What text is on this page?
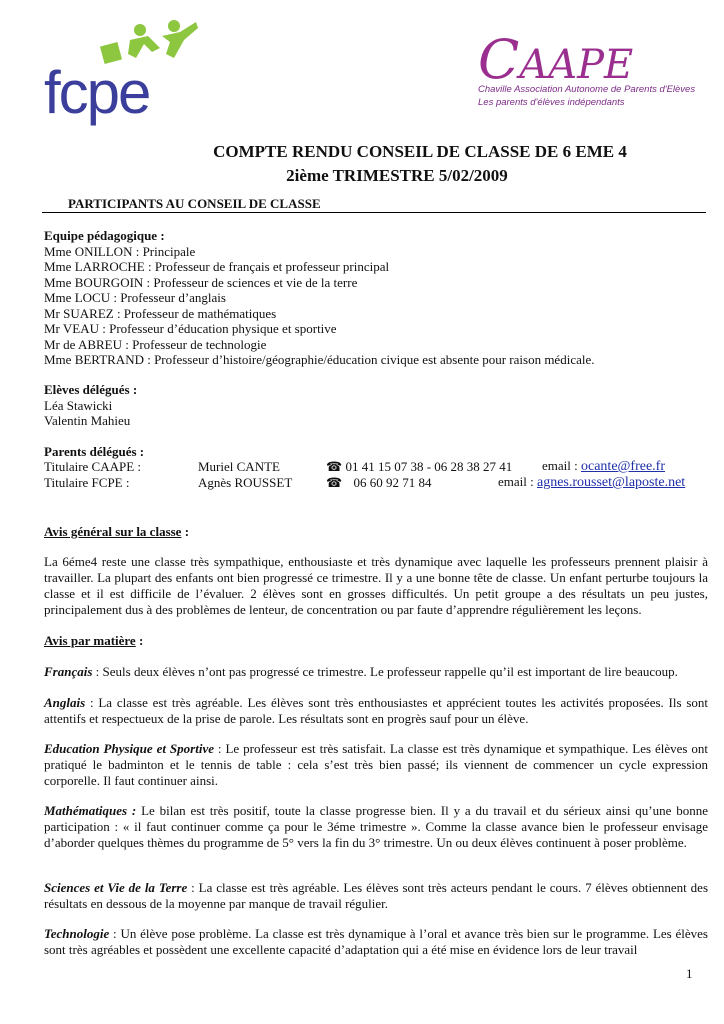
fcpe	CAAPE
Chaville Association Autonome de Parents d'Elèves
Les parents d'élèves indépendants
COMPTE RENDU CONSEIL DE CLASSE DE 6 EME 4
2ième TRIMESTRE 5/02/2009
PARTICIPANTS AU CONSEIL DE CLASSE
Equipe pédagogique :
Mme ONILLON : Principale
Mme LARROCHE : Professeur de français et professeur principal
Mme BOURGOIN : Professeur de sciences et vie de la terre
Mme LOCU : Professeur d’anglais
Mr SUAREZ : Professeur de mathématiques
Mr VEAU : Professeur d’éducation physique et sportive
Mr de ABREU : Professeur de technologie
Mme BERTRAND : Professeur d’histoire/géographie/éducation civique est absente pour raison médicale.
Elèves délégués :
Léa Stawicki
Valentin Mahieu
Parents délégués :
Titulaire CAAPE :	Muriel CANTE	☎ 01 41 15 07 38 - 06 28 38 27 41 email : ocante@free.fr
Titulaire FCPE :	Agnès ROUSSET	☎ 06 60 92 71 84	email : agnes.rousset@laposte.net
Avis général sur la classe :
La 6éme4 reste une classe très sympathique, enthousiaste et très dynamique avec laquelle les professeurs prennent plaisir à travailler. La plupart des enfants ont bien progressé ce trimestre. Il y a une bonne tête de classe. Un enfant perturbe toujours la classe et il est difficile de l’évaluer. 2 élèves sont en grosses difficultés. Un petit groupe a des résultats un peu justes, principalement dus à des problèmes de lenteur, de concentration ou par faute d’apprendre régulièrement les leçons.
Avis par matière :
Français : Seuls deux élèves n’ont pas progressé ce trimestre. Le professeur rappelle qu’il est important de lire beaucoup.
Anglais : La classe est très agréable. Les élèves sont très enthousiastes et apprécient toutes les activités proposées. Ils sont attentifs et respectueux de la prise de parole. Les résultats sont en progrès sauf pour un élève.
Education Physique et Sportive : Le professeur est très satisfait. La classe est très dynamique et sympathique. Les élèves ont pratiqué le badminton et le tennis de table : cela s’est très bien passé; ils viennent de commencer un cycle expression corporelle. Il faut continuer ainsi.
Mathématiques : Le bilan est très positif, toute la classe progresse bien. Il y a du travail et du sérieux ainsi qu’une bonne participation : « il faut continuer comme ça pour le 3éme trimestre ». Comme la classe avance bien le professeur envisage d’aborder quelques thèmes du programme de 5° vers la fin du 3° trimestre. Un ou deux élèves continuent à poser problème.
Sciences et Vie de la Terre : La classe est très agréable. Les élèves sont très acteurs pendant le cours. 7 élèves obtiennent des résultats en dessous de la moyenne par manque de travail régulier.
Technologie : Un élève pose problème. La classe est très dynamique à l’oral et avance très bien sur le programme. Les élèves sont très agréables et possèdent une excellente capacité d’adaptation qui a été mise en évidence lors de leur travail
1
